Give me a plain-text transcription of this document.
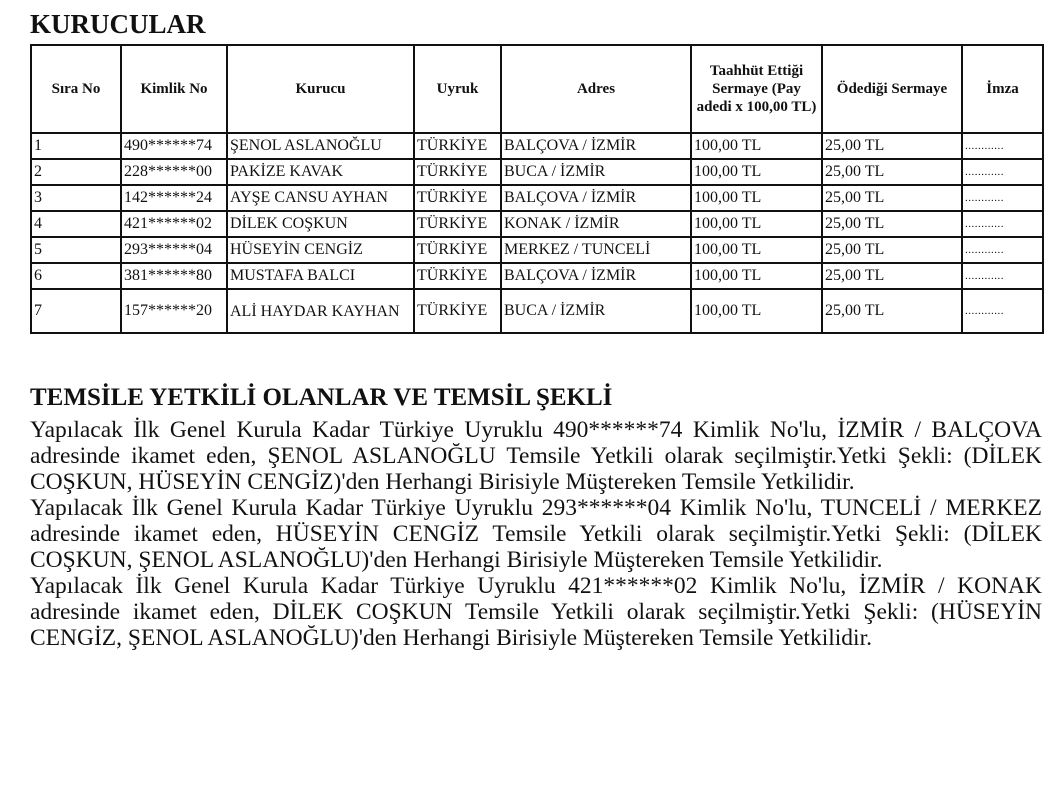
KURUCULAR
Sıra No	Kimlik No	Kurucu	Uyruk	Adres	Taahhüt Ettiği Sermaye (Pay adedi x 100,00 TL)	Ödediği Sermaye	İmza
1	490******74	ŞENOL ASLANOĞLU	TÜRKİYE	BALÇOVA / İZMİR	100,00 TL	25,00 TL	............
2	228******00	PAKİZE KAVAK	TÜRKİYE	BUCA / İZMİR	100,00 TL	25,00 TL	............
3	142******24	AYŞE CANSU AYHAN	TÜRKİYE	BALÇOVA / İZMİR	100,00 TL	25,00 TL	............
4	421******02	DİLEK COŞKUN	TÜRKİYE	KONAK / İZMİR	100,00 TL	25,00 TL	............
5	293******04	HÜSEYİN CENGİZ	TÜRKİYE	MERKEZ / TUNCELİ	100,00 TL	25,00 TL	............
6	381******80	MUSTAFA BALCI	TÜRKİYE	BALÇOVA / İZMİR	100,00 TL	25,00 TL	............
7	157******20	ALİ HAYDAR KAYHAN	TÜRKİYE	BUCA / İZMİR	100,00 TL	25,00 TL	............
TEMSİLE YETKİLİ OLANLAR VE TEMSİL ŞEKLİ

Yapılacak İlk Genel Kurula Kadar Türkiye Uyruklu 490******74 Kimlik No'lu, İZMİR / BALÇOVA adresinde ikamet eden, ŞENOL ASLANOĞLU Temsile Yetkili olarak seçilmiştir.Yetki Şekli: (DİLEK COŞKUN, HÜSEYİN CENGİZ)'den Herhangi Birisiyle Müştereken Temsile Yetkilidir.

Yapılacak İlk Genel Kurula Kadar Türkiye Uyruklu 293******04 Kimlik No'lu, TUNCELİ / MERKEZ adresinde ikamet eden, HÜSEYİN CENGİZ Temsile Yetkili olarak seçilmiştir.Yetki Şekli: (DİLEK COŞKUN, ŞENOL ASLANOĞLU)'den Herhangi Birisiyle Müştereken Temsile Yetkilidir.

Yapılacak İlk Genel Kurula Kadar Türkiye Uyruklu 421******02 Kimlik No'lu, İZMİR / KONAK adresinde ikamet eden, DİLEK COŞKUN Temsile Yetkili olarak seçilmiştir.Yetki Şekli: (HÜSEYİN CENGİZ, ŞENOL ASLANOĞLU)'den Herhangi Birisiyle Müştereken Temsile Yetkilidir.
